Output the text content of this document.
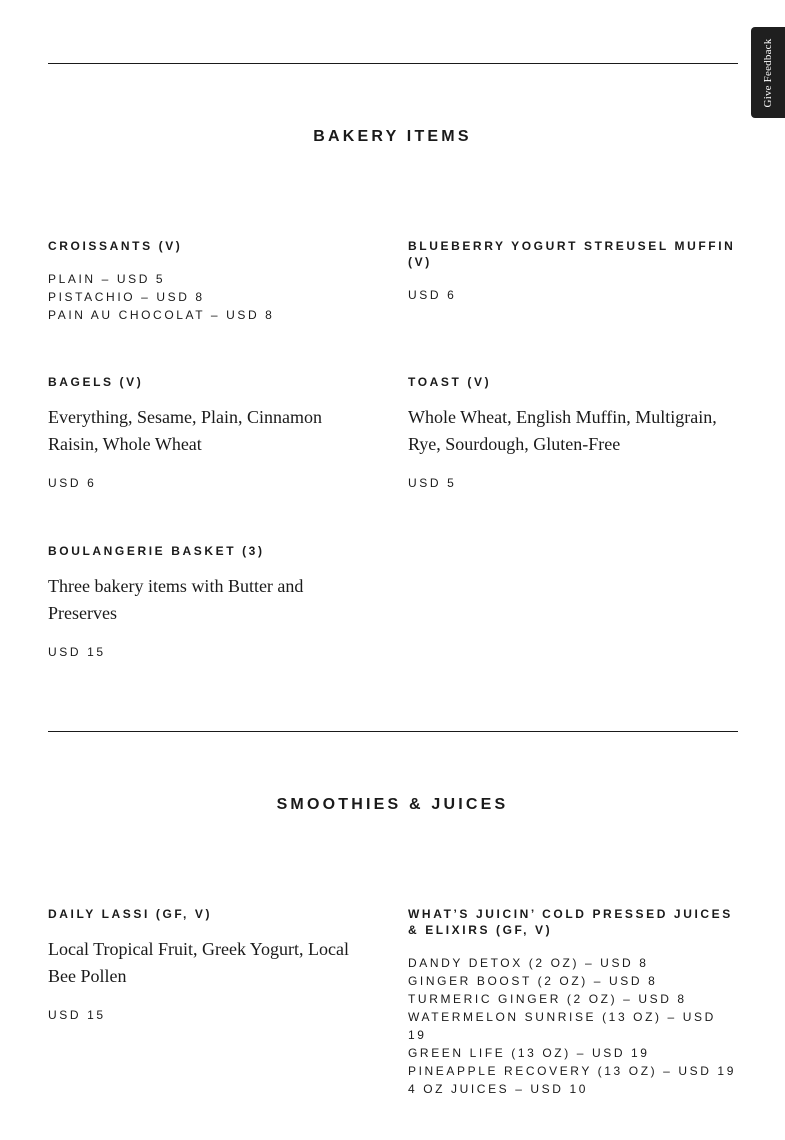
Give Feedback
BAKERY ITEMS
CROISSANTS (V)
PLAIN – USD 5
PISTACHIO – USD 8
PAIN AU CHOCOLAT – USD 8
BLUEBERRY YOGURT STREUSEL MUFFIN (V)

USD 6

BAGELS (V)

Everything, Sesame, Plain, Cinnamon Raisin, Whole Wheat

USD 6

TOAST (V)

Whole Wheat, English Muffin, Multigrain, Rye, Sourdough, Gluten-Free

USD 5

BOULANGERIE BASKET (3)

Three bakery items with Butter and Preserves

USD 15

SMOOTHIES & JUICES
DAILY LASSI (GF, V)

Local Tropical Fruit, Greek Yogurt, Local Bee Pollen

USD 15

WHAT’S JUICIN’ COLD PRESSED JUICES & ELIXIRS (GF, V)
DANDY DETOX (2 OZ) – USD 8
GINGER BOOST (2 OZ) – USD 8
TURMERIC GINGER (2 OZ) – USD 8
WATERMELON SUNRISE (13 OZ) – USD 19
GREEN LIFE (13 OZ) – USD 19
PINEAPPLE RECOVERY (13 OZ) – USD 19
4 OZ JUICES – USD 10
